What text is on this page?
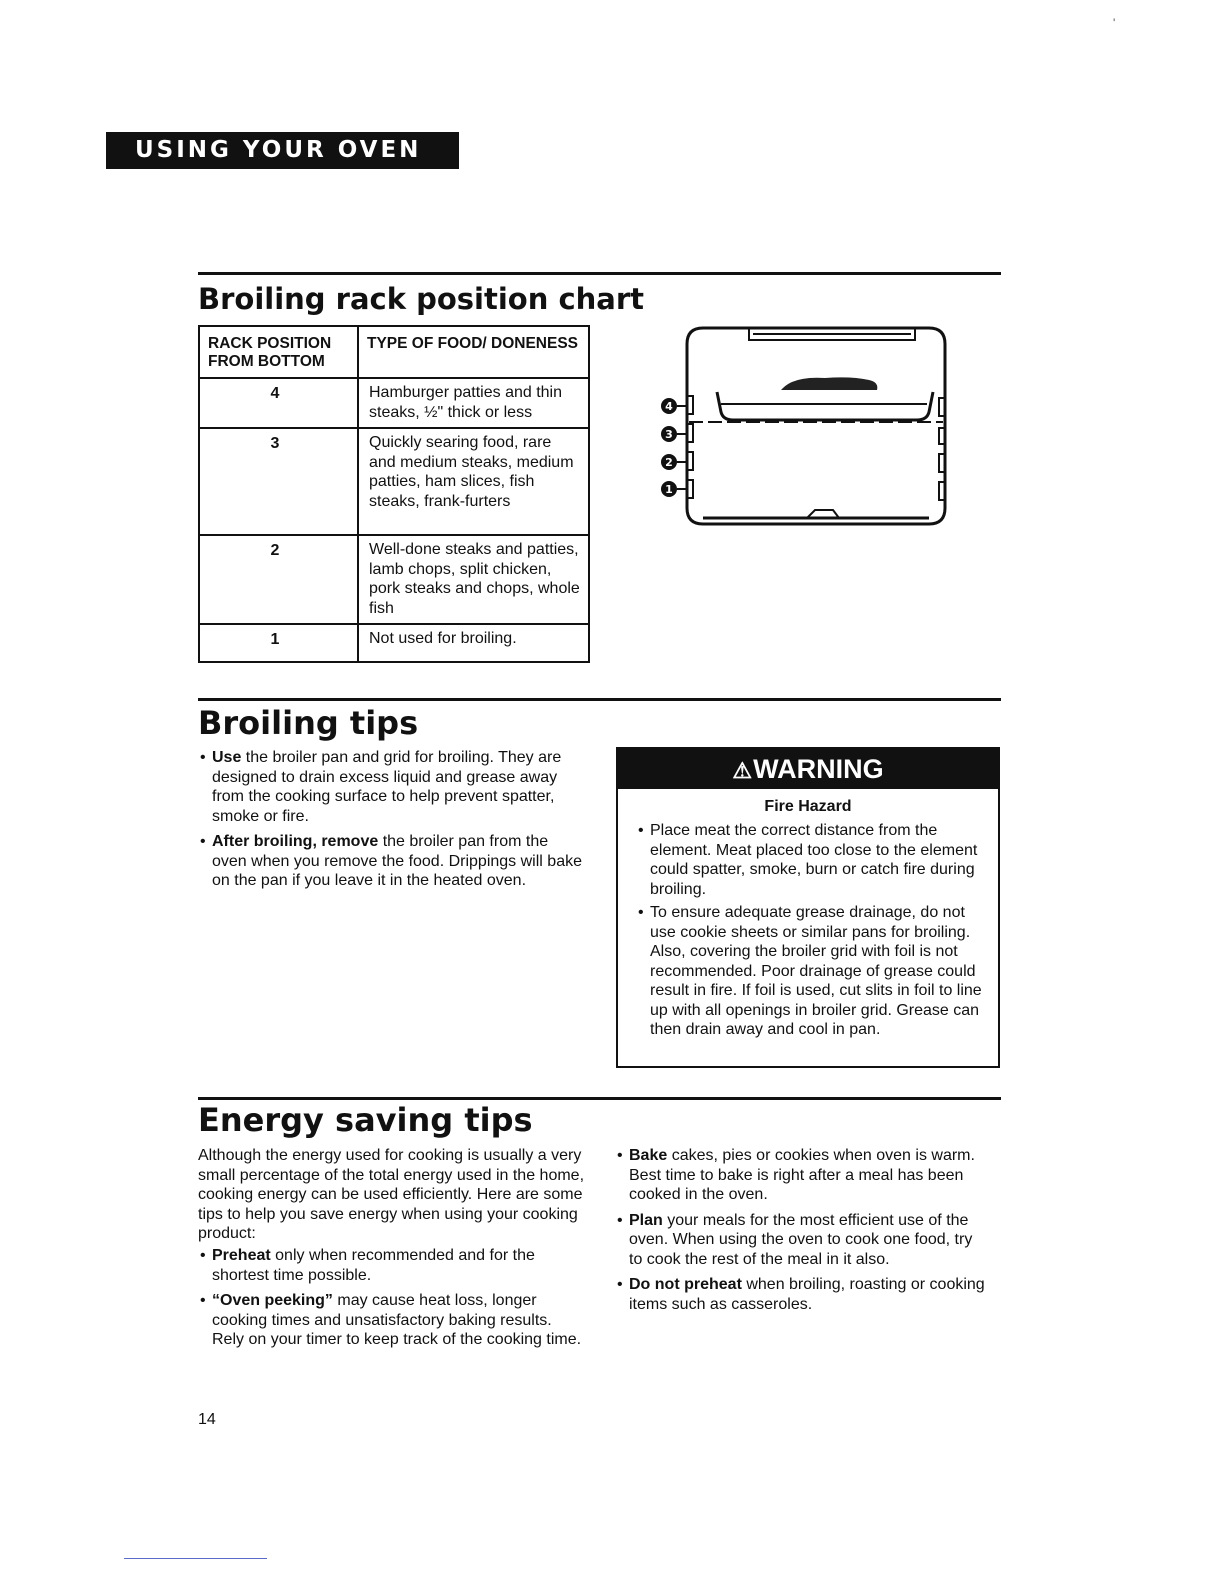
'
USING YOUR OVEN
Broiling rack position chart
RACK POSITION FROM BOTTOM	TYPE OF FOOD/ DONENESS
4	Hamburger patties and thin steaks, ½" thick or less
3	Quickly searing food, rare and medium steaks, medium patties, ham slices, fish steaks, frank-furters
2	Well-done steaks and patties, lamb chops, split chicken, pork steaks and chops, whole fish
1	Not used for broiling.
4
3
2
1
Broiling tips
• Use the broiler pan and grid for broiling. They are designed to drain excess liquid and grease away from the cooking surface to help prevent spatter, smoke or fire.
• After broiling, remove the broiler pan from the oven when you remove the food. Drippings will bake on the pan if you leave it in the heated oven.
⚠WARNING
Fire Hazard
• Place meat the correct distance from the element. Meat placed too close to the element could spatter, smoke, burn or catch fire during broiling.
• To ensure adequate grease drainage, do not use cookie sheets or similar pans for broiling. Also, covering the broiler grid with foil is not recommended. Poor drainage of grease could result in fire. If foil is used, cut slits in foil to line up with all openings in broiler grid. Grease can then drain away and cool in pan.
Energy saving tips

Although the energy used for cooking is usually a very small percentage of the total energy used in the home, cooking energy can be used efficiently. Here are some tips to help you save energy when using your cooking product:

• Preheat only when recommended and for the shortest time possible.
• “Oven peeking” may cause heat loss, longer cooking times and unsatisfactory baking results. Rely on your timer to keep track of the cooking time.
• Bake cakes, pies or cookies when oven is warm. Best time to bake is right after a meal has been cooked in the oven.
• Plan your meals for the most efficient use of the oven. When using the oven to cook one food, try to cook the rest of the meal in it also.
• Do not preheat when broiling, roasting or cooking items such as casseroles.
14
